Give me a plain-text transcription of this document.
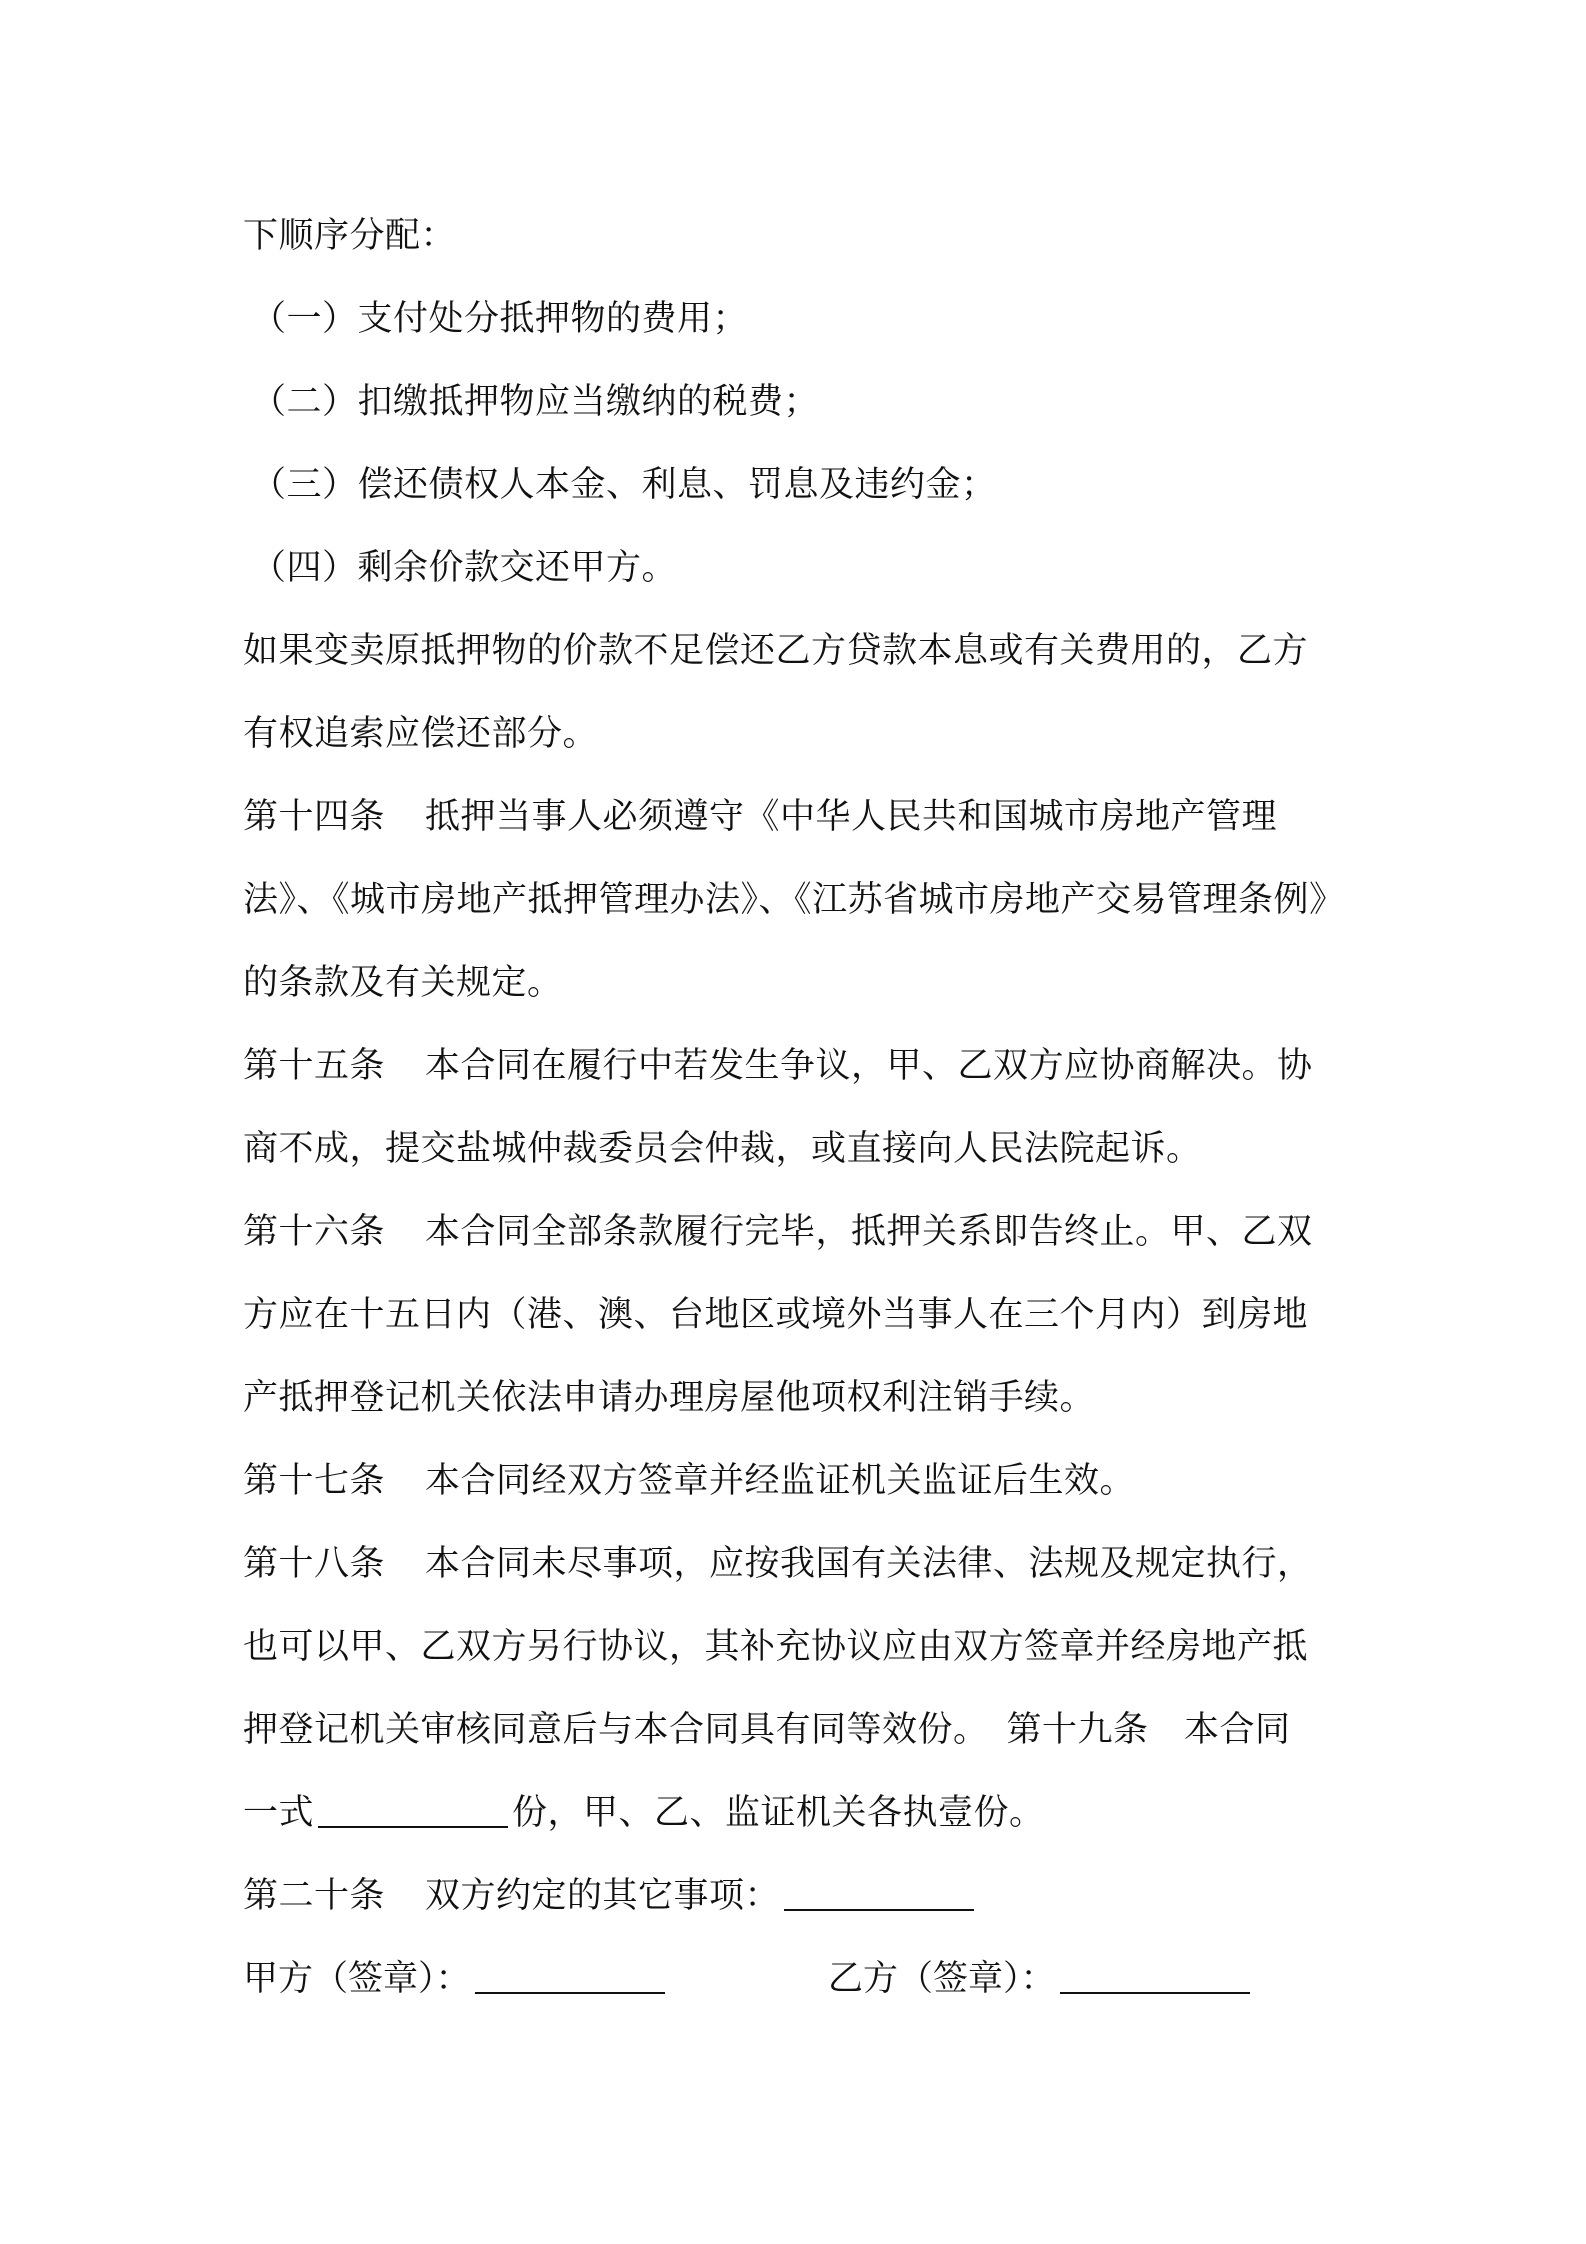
下顺序分配：
（一）支付处分抵押物的费用；
（二）扣缴抵押物应当缴纳的税费；
（三）偿还债权人本金、利息、罚息及违约金；
（四）剩余价款交还甲方。
如果变卖原抵押物的价款不足偿还乙方贷款本息或有关费用的，乙方
有权追索应偿还部分。
第十四条 抵押当事人必须遵守《中华人民共和国城市房地产管理
法》、《城市房地产抵押管理办法》、《江苏省城市房地产交易管理条例》
的条款及有关规定。
第十五条 本合同在履行中若发生争议，甲、乙双方应协商解决。协
商不成，提交盐城仲裁委员会仲裁，或直接向人民法院起诉。
第十六条 本合同全部条款履行完毕，抵押关系即告终止。甲、乙双
方应在十五日内（港、澳、台地区或境外当事人在三个月内）到房地
产抵押登记机关依法申请办理房屋他项权利注销手续。
第十七条 本合同经双方签章并经监证机关监证后生效。
第十八条 本合同未尽事项，应按我国有关法律、法规及规定执行，
也可以甲、乙双方另行协议，其补充协议应由双方签章并经房地产抵
押登记机关审核同意后与本合同具有同等效份。　第十九条　本合同
一式	份，甲、乙、监证机关各执壹份。
第二十条 双方约定的其它事项：
甲方（签章）：	乙方（签章）：
